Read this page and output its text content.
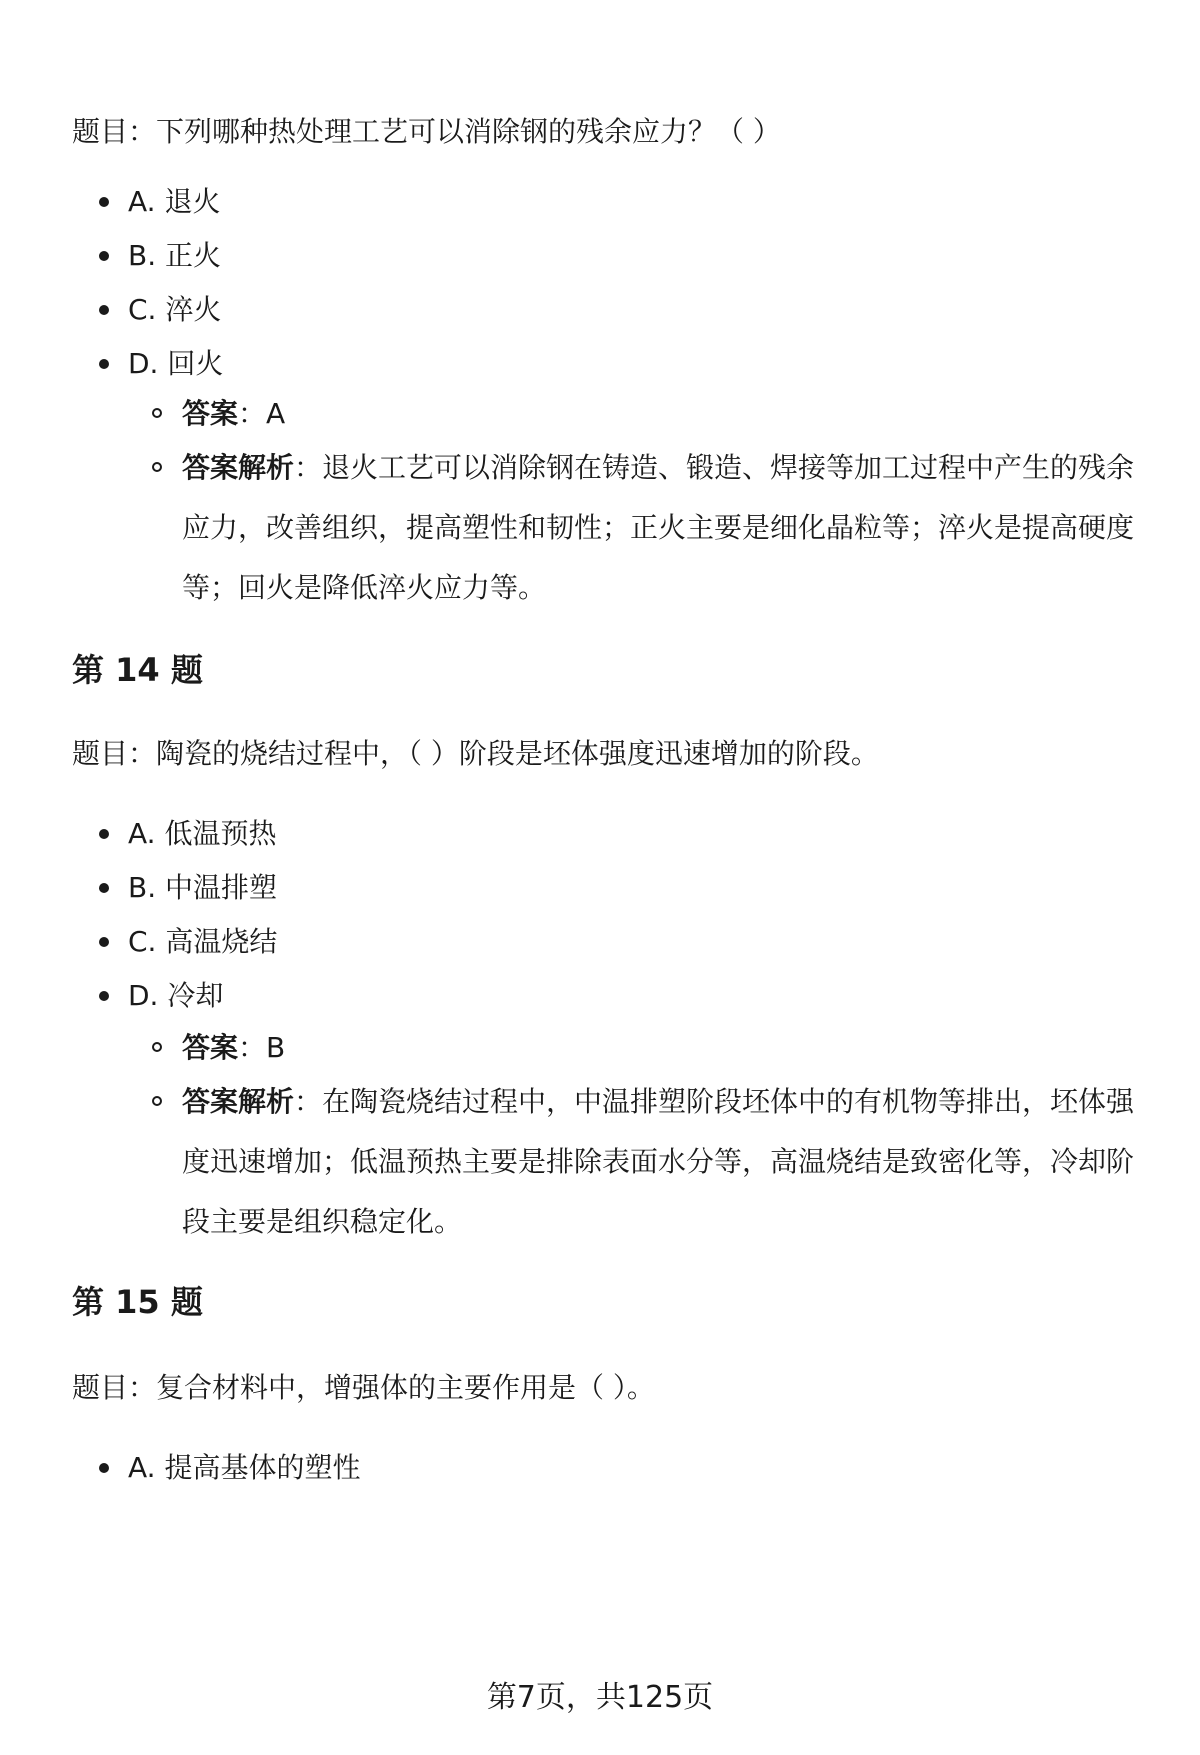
题目：下列哪种热处理工艺可以消除钢的残余应力？（ ）
A. 退火
B. 正火
C. 淬火
D. 回火
答案：A
答案解析：退火工艺可以消除钢在铸造、锻造、焊接等加工过程中产生的残余应力，改善组织，提高塑性和韧性；正火主要是细化晶粒等；淬火是提高硬度等；回火是降低淬火应力等。
第 14 题
题目：陶瓷的烧结过程中，（ ）阶段是坯体强度迅速增加的阶段。
A. 低温预热
B. 中温排塑
C. 高温烧结
D. 冷却
答案：B
答案解析：在陶瓷烧结过程中，中温排塑阶段坯体中的有机物等排出，坯体强度迅速增加；低温预热主要是排除表面水分等，高温烧结是致密化等，冷却阶段主要是组织稳定化。
第 15 题
题目：复合材料中，增强体的主要作用是（ ）。
A. 提高基体的塑性
第7页，共125页
